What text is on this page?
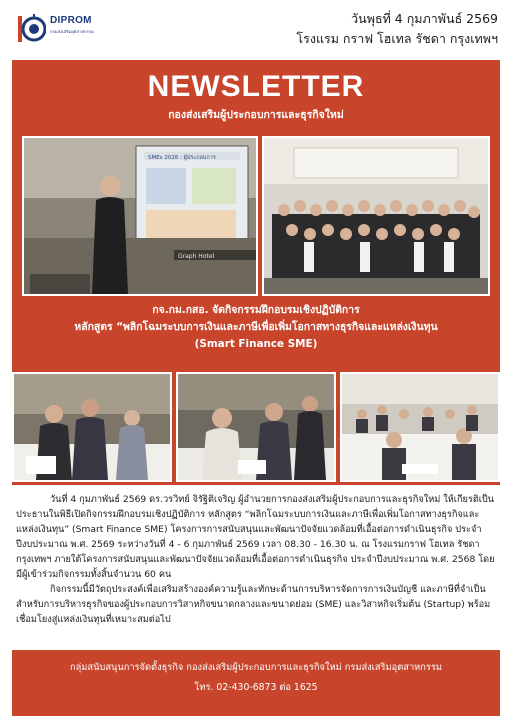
DIPROM
กรมส่งเสริมอุตสาหกรรม
วันพุธที่ 4 กุมภาพันธ์ 2569
โรงแรม กราฟ โฮเทล รัชดา กรุงเทพฯ
NEWSLETTER
กองส่งเสริมผู้ประกอบการและธุรกิจใหม่
SMEs 2026 : ผู้ประกอบการ
Graph Hotel
กจ.กม.กสอ. จัดกิจกรรมฝึกอบรมเชิงปฏิบัติการ
หลักสูตร “พลิกโฉมระบบการเงินและภาษีเพื่อเพิ่มโอกาสทางธุรกิจและแหล่งเงินทุน
(Smart Finance SME)

วันที่ 4 กุมภาพันธ์ 2569 ดร.วรวิทย์ จิรัฐิติเจริญ ผู้อำนวยการกองส่งเสริมผู้ประกอบการและธุรกิจใหม่ ให้เกียรติเป็นประธานในพิธีเปิดกิจกรรมฝึกอบรมเชิงปฏิบัติการ หลักสูตร “พลิกโฉมระบบการเงินและภาษีเพื่อเพิ่มโอกาสทางธุรกิจและแหล่งเงินทุน” (Smart Finance SME) โครงการการสนับสนุนและพัฒนาปัจจัยแวดล้อมที่เอื้อต่อการดำเนินธุรกิจ ประจำปีงบประมาณ พ.ศ. 2569 ระหว่างวันที่ 4 - 6 กุมภาพันธ์ 2569 เวลา 08.30 - 16.30 น. ณ โรงแรมกราฟ โฮเทล รัชดา กรุงเทพฯ ภายใต้โครงการสนับสนุนและพัฒนาปัจจัยแวดล้อมที่เอื้อต่อการดำเนินธุรกิจ ประจำปีงบประมาณ พ.ศ. 2568 โดยมีผู้เข้าร่วมกิจกรรมทั้งสิ้นจำนวน 60 คน

กิจกรรมนี้มีวัตถุประสงค์เพื่อเสริมสร้างองค์ความรู้และทักษะด้านการบริหารจัดการการเงินบัญชี และภาษีที่จำเป็นสำหรับการบริหารธุรกิจของผู้ประกอบการวิสาหกิจขนาดกลางและขนาดย่อม (SME) และวิสาหกิจเริ่มต้น (Startup) พร้อมเชื่อมโยงสู่แหล่งเงินทุนที่เหมาะสมต่อไป

กลุ่มสนับสนุนการจัดตั้งธุรกิจ กองส่งเสริมผู้ประกอบการและธุรกิจใหม่ กรมส่งเสริมอุตสาหกรรม
โทร. 02-430-6873 ต่อ 1625
